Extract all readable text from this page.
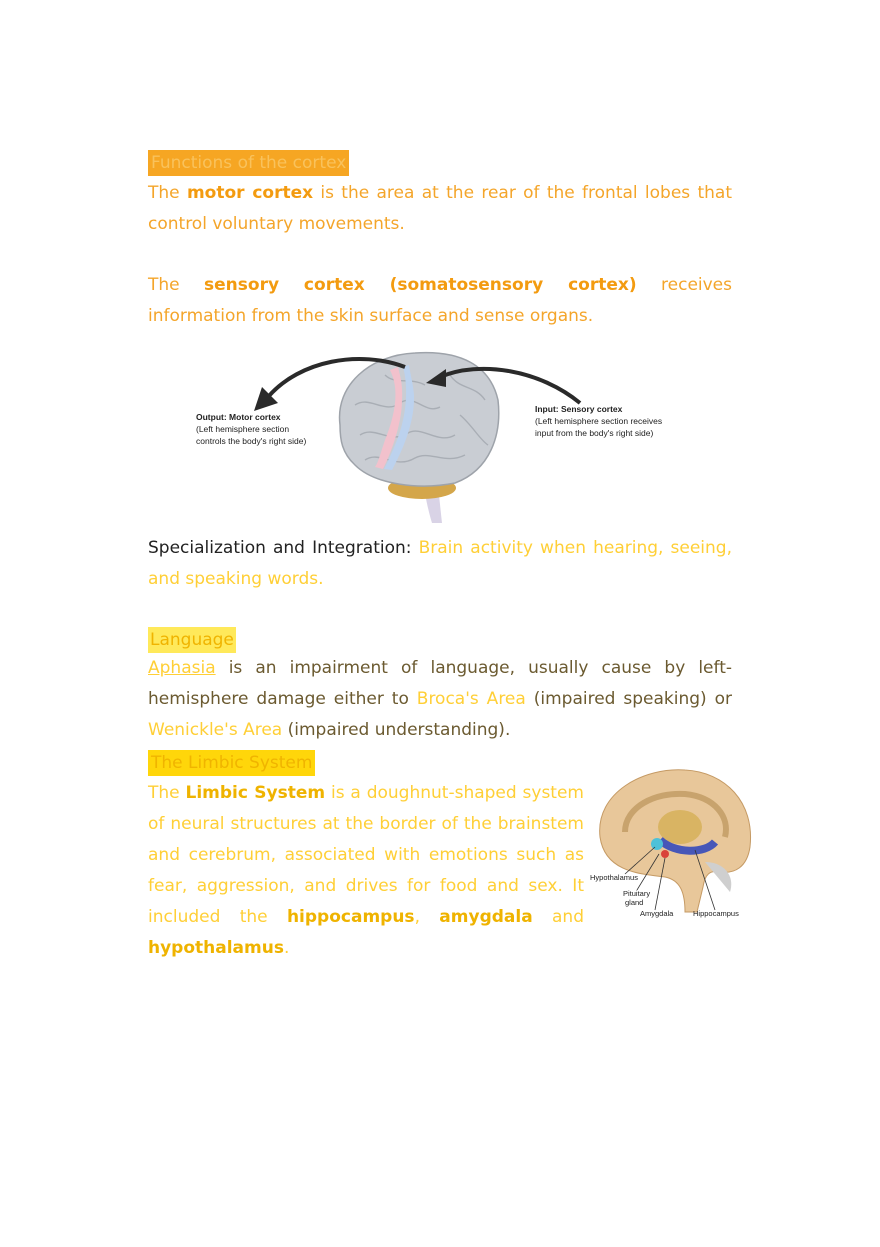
Functions of the cortex

The motor cortex is the area at the rear of the frontal lobes that control voluntary movements.

The sensory cortex (somatosensory cortex) receives information from the skin surface and sense organs.

Output: Motor cortex
(Left hemisphere section
controls the body's right side)
Input: Sensory cortex
(Left hemisphere section receives
input from the body's right side)

Specialization and Integration: Brain activity when hearing, seeing, and speaking words.

Language

Aphasia is an impairment of language, usually cause by left-hemisphere damage either to Broca's Area (impaired speaking) or Wenickle's Area (impaired understanding).

The Limbic System

The Limbic System is a doughnut-shaped system of neural structures at the border of the brainstem and cerebrum, associated with emotions such as fear, aggression, and drives for food and sex. It included the hippocampus, amygdala and hypothalamus.

Hypothalamus
Pituitary
gland
Amygdala	Hippocampus
